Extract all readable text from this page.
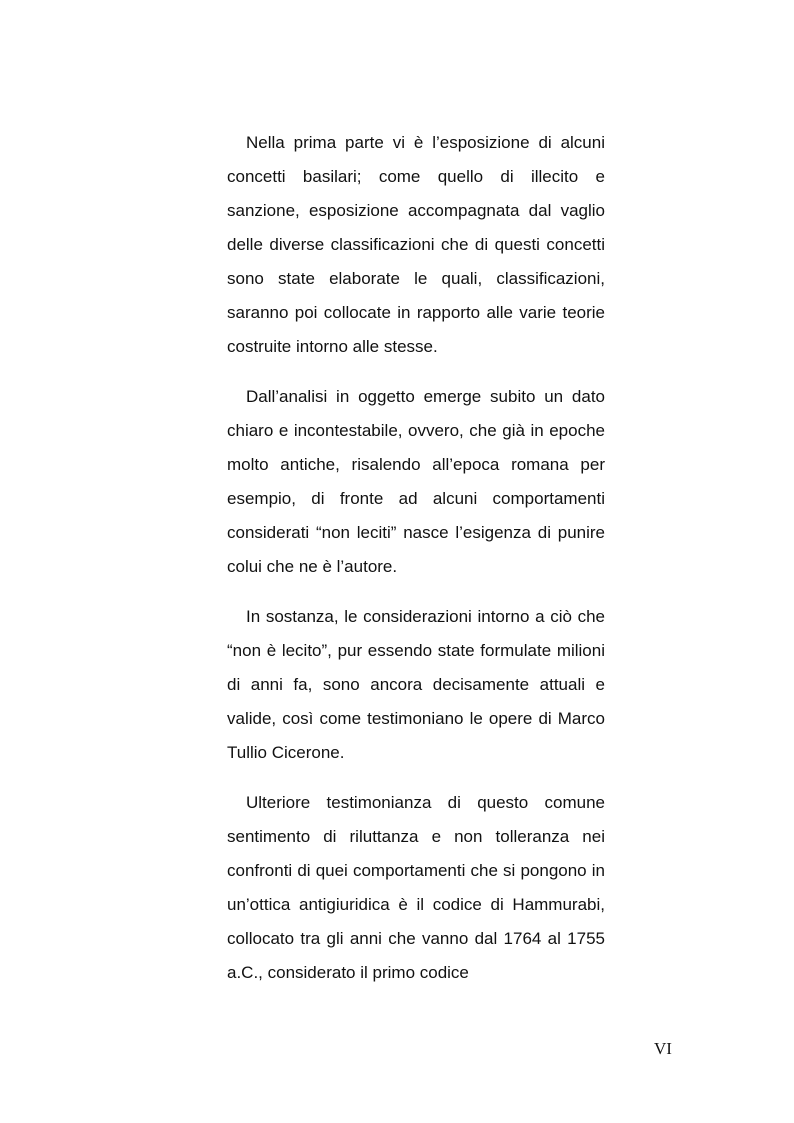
Nella prima parte vi è l’esposizione di alcuni concetti basilari; come quello di illecito e sanzione, esposizione accompagnata dal vaglio delle diverse classificazioni che di questi concetti sono state elaborate le quali, classificazioni, saranno poi collocate in rapporto alle varie teorie costruite intorno alle stesse.

Dall’analisi in oggetto emerge subito un dato chiaro e incontestabile, ovvero, che già in epoche molto antiche, risalendo all’epoca romana per esempio, di fronte ad alcuni comportamenti considerati “non leciti” nasce l’esigenza di punire colui che ne è l’autore.

In sostanza, le considerazioni intorno a ciò che “non è lecito”, pur essendo state formulate milioni di anni fa, sono ancora decisamente attuali e valide, così come testimoniano le opere di Marco Tullio Cicerone.

Ulteriore testimonianza di questo comune sentimento di riluttanza e non tolleranza nei confronti di quei comportamenti che si pongono in un’ottica antigiuridica è il codice di Hammurabi, collocato tra gli anni che vanno dal 1764 al 1755 a.C., considerato il primo codice

VI
